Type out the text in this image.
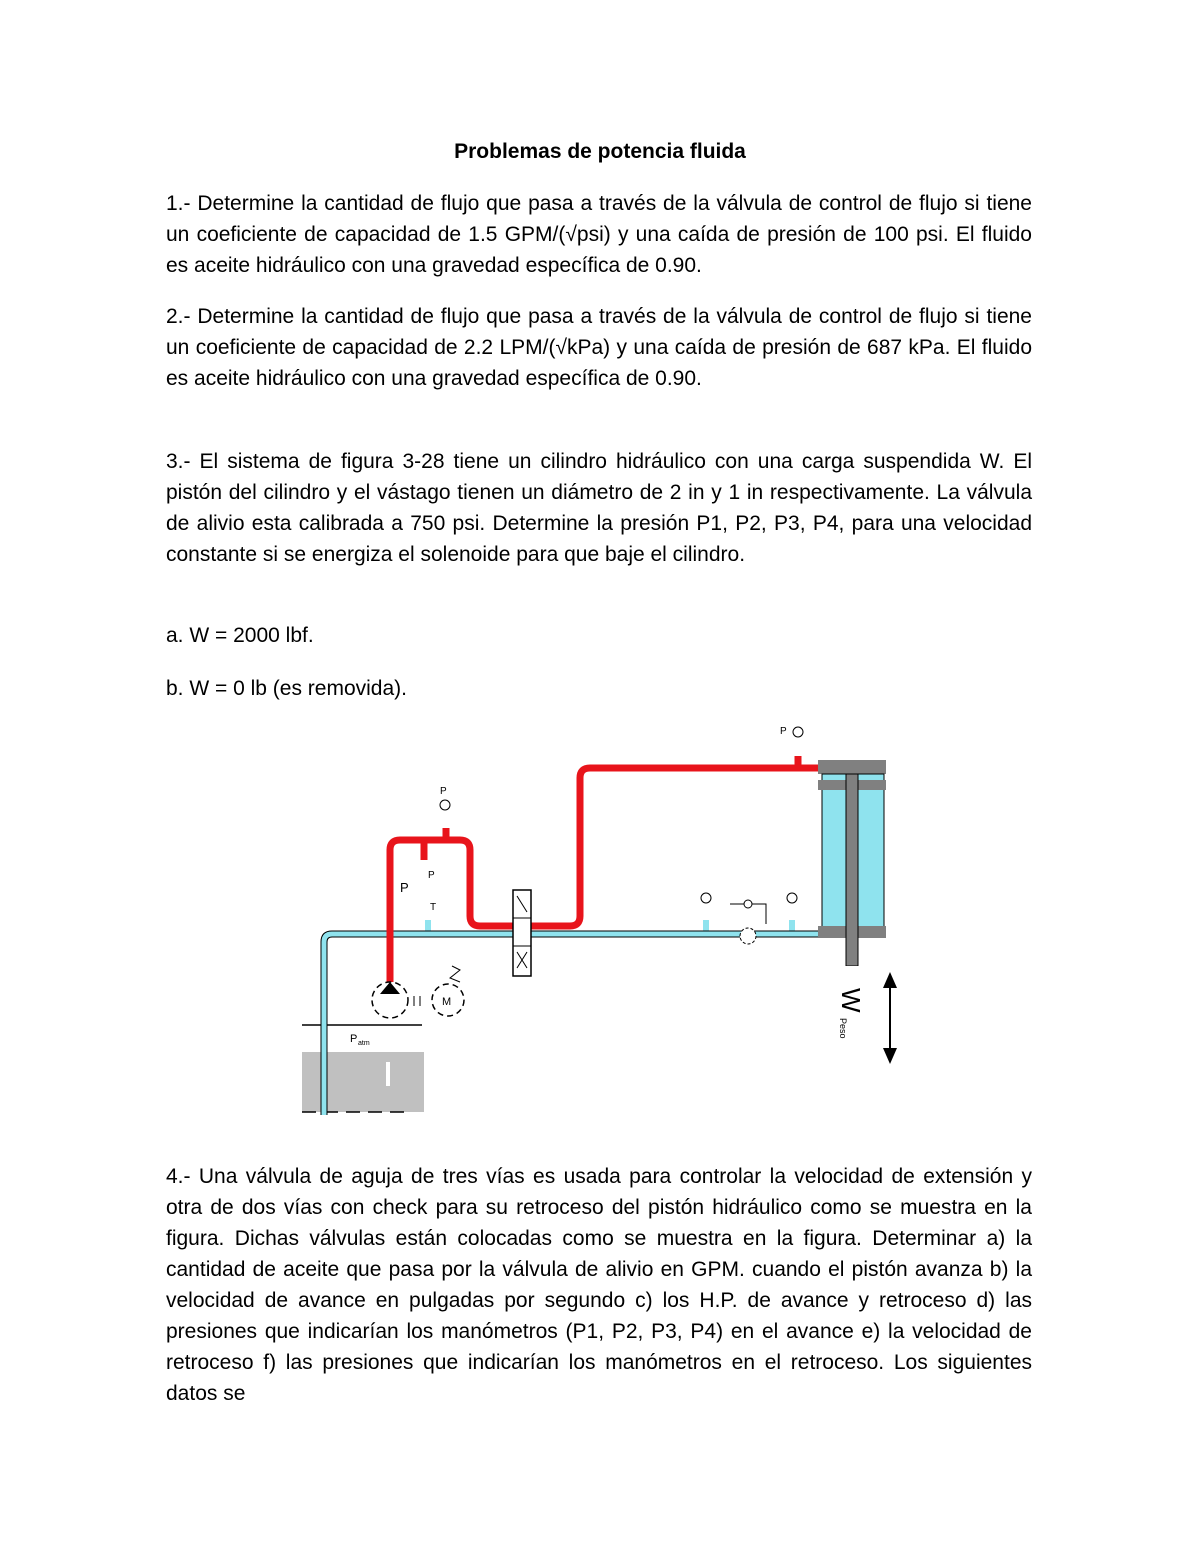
Problemas de potencia fluida

1.- Determine la cantidad de flujo que pasa a través de la válvula de control de flujo si tiene un coeficiente de capacidad de 1.5 GPM/(√psi) y una caída de presión de 100 psi. El fluido es aceite hidráulico con una gravedad específica de 0.90.

2.- Determine la cantidad de flujo que pasa a través de la válvula de control de flujo si tiene un coeficiente de capacidad de 2.2 LPM/(√kPa) y una caída de presión de 687 kPa. El fluido es aceite hidráulico con una gravedad específica de 0.90.

3.- El sistema de figura 3-28 tiene un cilindro hidráulico con una carga suspendida W. El pistón del cilindro y el vástago tienen un diámetro de 2 in y 1 in respectivamente. La válvula de alivio esta calibrada a 750 psi. Determine la presión P1, P2, P3, P4, para una velocidad constante si se energiza el solenoide para que baje el cilindro.

a. W = 2000 lbf.

b. W = 0 lb (es removida).

M
P
P
P
P
T
W
Peso
P atm

4.- Una válvula de aguja de tres vías es usada para controlar la velocidad de extensión y otra de dos vías con check para su retroceso del pistón hidráulico como se muestra en la figura. Dichas válvulas están colocadas como se muestra en la figura. Determinar a) la cantidad de aceite que pasa por la válvula de alivio en GPM. cuando el pistón avanza b) la velocidad de avance en pulgadas por segundo c) los H.P. de avance y retroceso d) las presiones que indicarían los manómetros (P1, P2, P3, P4) en el avance e) la velocidad de retroceso f) las presiones que indicarían los manómetros en el retroceso. Los siguientes datos se
